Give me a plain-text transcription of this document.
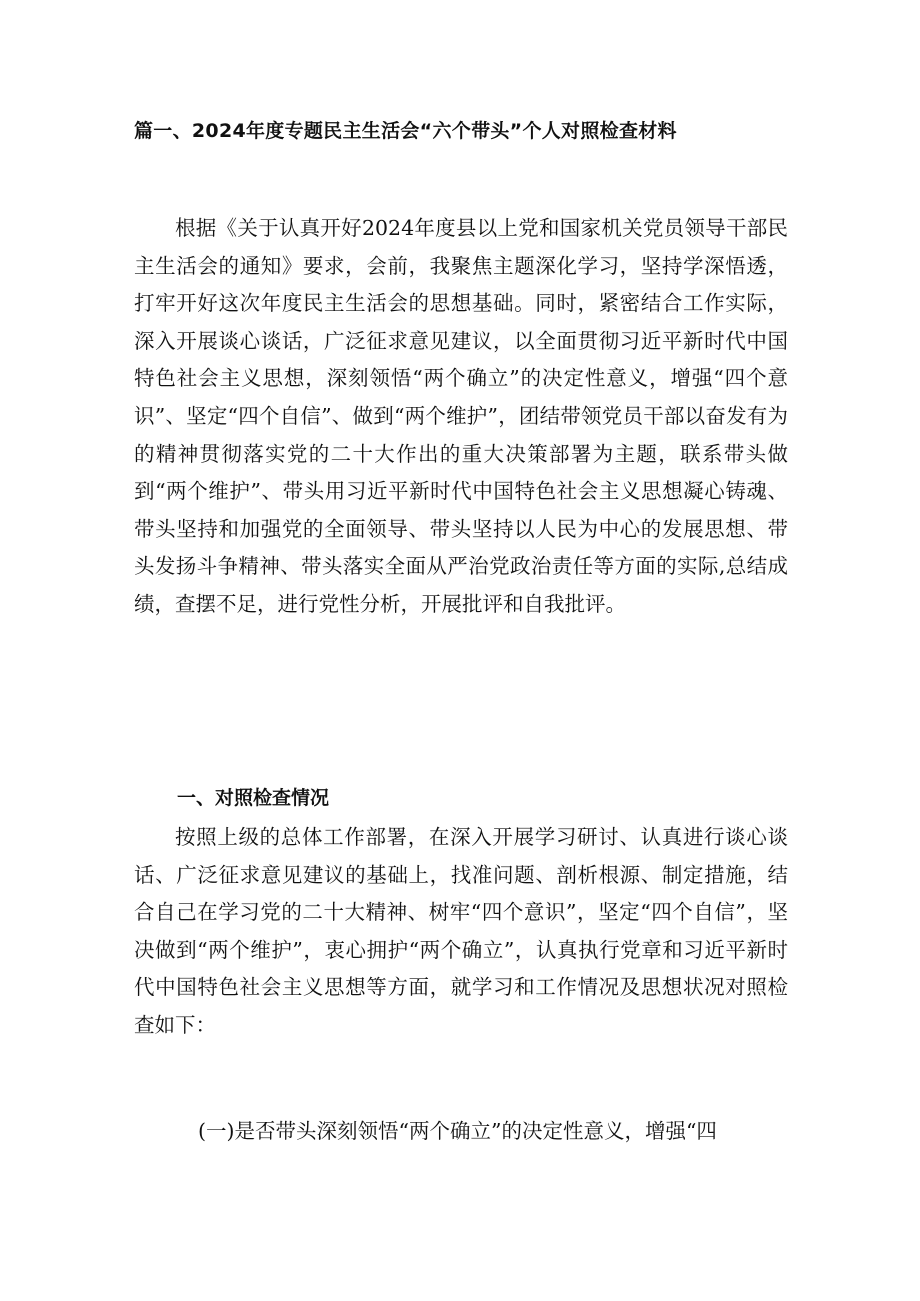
篇一、2024年度专题民主生活会“六个带头”个人对照检查材料

根据《关于认真开好2024年度县以上党和国家机关党员领导干部民主生活会的通知》要求，会前，我聚焦主题深化学习，坚持学深悟透，打牢开好这次年度民主生活会的思想基础。同时，紧密结合工作实际，深入开展谈心谈话，广泛征求意见建议，以全面贯彻习近平新时代中国特色社会主义思想，深刻领悟“两个确立”的决定性意义，增强“四个意识”、坚定“四个自信”、做到“两个维护”，团结带领党员干部以奋发有为的精神贯彻落实党的二十大作出的重大决策部署为主题，联系带头做到“两个维护”、带头用习近平新时代中国特色社会主义思想凝心铸魂、带头坚持和加强党的全面领导、带头坚持以人民为中心的发展思想、带头发扬斗争精神、带头落实全面从严治党政治责任等方面的实际,总结成绩，查摆不足，进行党性分析，开展批评和自我批评。

一、对照检查情况

按照上级的总体工作部署，在深入开展学习研讨、认真进行谈心谈话、广泛征求意见建议的基础上，找准问题、剖析根源、制定措施，结合自己在学习党的二十大精神、树牢“四个意识”，坚定“四个自信”，坚决做到“两个维护”，衷心拥护“两个确立”，认真执行党章和习近平新时代中国特色社会主义思想等方面，就学习和工作情况及思想状况对照检查如下：

(一)是否带头深刻领悟“两个确立”的决定性意义，增强“四
